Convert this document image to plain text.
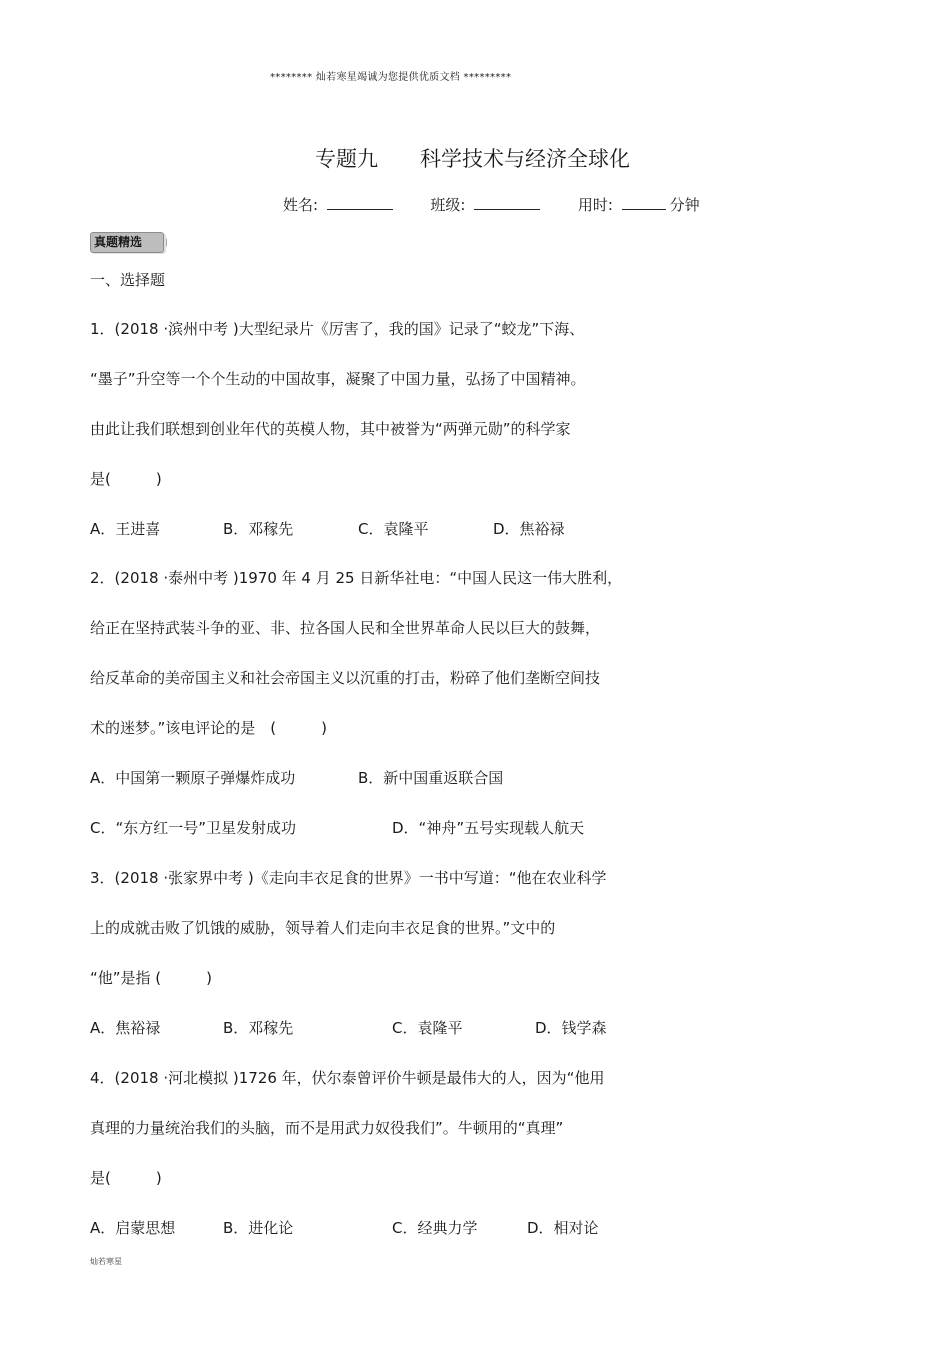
******** 灿若寒星竭诚为您提供优质文档 *********
专题九 科学技术与经济全球化
姓名:	班级:	用时:	分钟
真题精选
一、选择题
1．(2018 ·滨州中考 )大型纪录片《厉害了，我的国》记录了“蛟龙”下海、
“墨子”升空等一个个生动的中国故事，凝聚了中国力量，弘扬了中国精神。
由此让我们联想到创业年代的英模人物，其中被誉为“两弹元勋”的科学家
是(　　　)
A．王进喜	B．邓稼先	C．袁隆平	D．焦裕禄
2．(2018 ·泰州中考 )1970 年 4 月 25 日新华社电：“中国人民这一伟大胜利，
给正在坚持武装斗争的亚、非、拉各国人民和全世界革命人民以巨大的鼓舞，
给反革命的美帝国主义和社会帝国主义以沉重的打击，粉碎了他们垄断空间技
术的迷梦。”该电评论的是　(　　　)
A．中国第一颗原子弹爆炸成功	B．新中国重返联合国
C．“东方红一号”卫星发射成功	D．“神舟”五号实现载人航天
3．(2018 ·张家界中考 )《走向丰衣足食的世界》一书中写道：“他在农业科学
上的成就击败了饥饿的威胁，领导着人们走向丰衣足食的世界。”文中的
“他”是指 (　　　)
A．焦裕禄	B．邓稼先	C．袁隆平	D．钱学森
4．(2018 ·河北模拟 )1726 年，伏尔泰曾评价牛顿是最伟大的人，因为“他用
真理的力量统治我们的头脑，而不是用武力奴役我们”。牛顿用的“真理”
是(　　　)
A．启蒙思想	B．进化论	C．经典力学	D．相对论
灿若寒星
